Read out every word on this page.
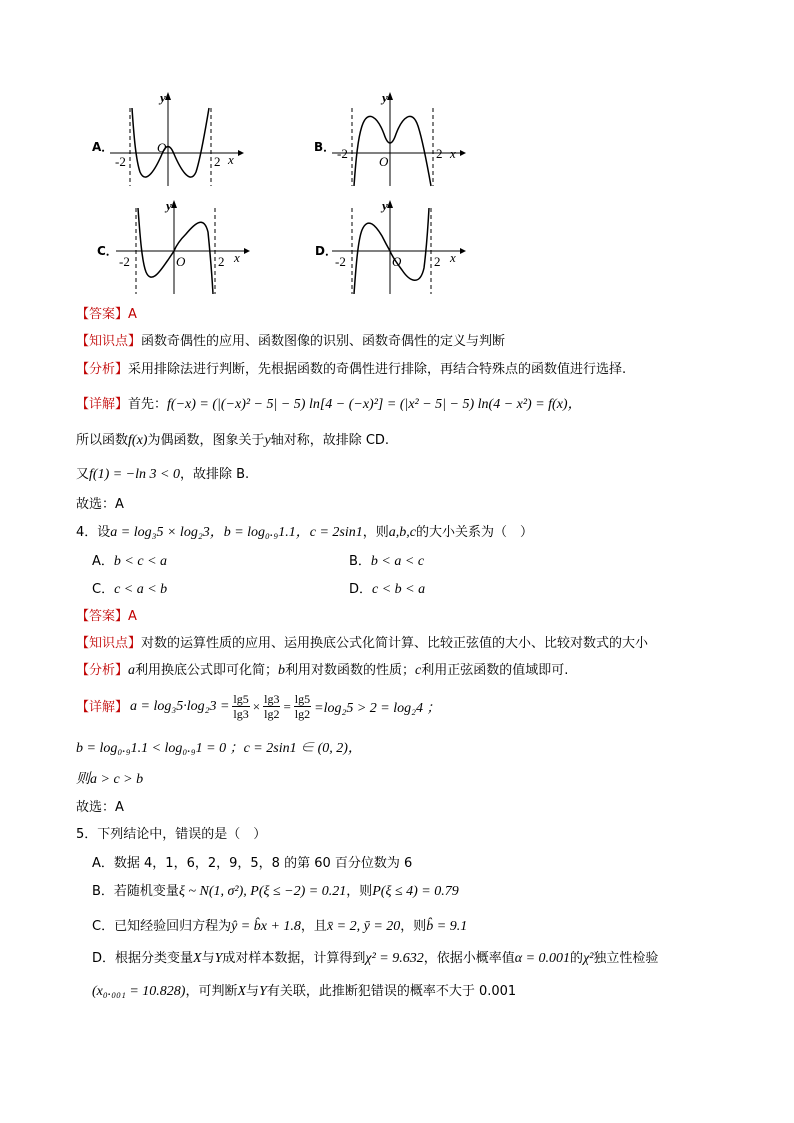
A．
y
x
O
-2	2
B．
y
x
O
-2	2
C．
y
x
O
-2	2
D．
y
x
O
-2	2
【答案】A
【知识点】函数奇偶性的应用、函数图像的识别、函数奇偶性的定义与判断
【分析】采用排除法进行判断，先根据函数的奇偶性进行排除，再结合特殊点的函数值进行选择.
【详解】首先：f(−x) = (|(−x)² − 5| − 5) ln[4 − (−x)²] = (|x² − 5| − 5) ln(4 − x²) = f(x)，
所以函数f(x)为偶函数，图象关于y轴对称，故排除 CD.
又f(1) = −ln 3 < 0，故排除 B.
故选：A
4．设a = log₃5 × log₂3，b = log₀.₉1.1，c = 2sin1，则a,b,c的大小关系为（　）
A．b < c < a	B．b < a < c
C．c < a < b	D．c < b < a
【答案】A
【知识点】对数的运算性质的应用、运用换底公式化简计算、比较正弦值的大小、比较对数式的大小
【分析】a利用换底公式即可化简；b利用对数函数的性质；c利用正弦函数的值域即可.
【详解】 $a = \log_35\cdot\log_23 = \frac{\lg 5}{\lg 3} \times \frac{\lg 3}{\lg 2} = \frac{\lg 5}{\lg 2} =\log_25 > 2 = \log_24$ ；
b = log₀.₉1.1 < log₀.₉1 = 0 ；c = 2sin1 ∈ (0, 2)，
则a > c > b
故选：A
5．下列结论中，错误的是（　）
A．数据 4，1，6，2，9，5，8 的第 60 百分位数为 6
B．若随机变量ξ ~ N(1, σ²), P(ξ ≤ −2) = 0.21，则P(ξ ≤ 4) = 0.79
C．已知经验回归方程为ŷ = b̂x + 1.8，且x̄ = 2, ȳ = 20，则b̂ = 9.1
D．根据分类变量X与Y成对样本数据，计算得到χ² = 9.632，依据小概率值α = 0.001的χ²独立性检验
(x₀.₀₀₁ = 10.828)，可判断X与Y有关联，此推断犯错误的概率不大于 0.001
